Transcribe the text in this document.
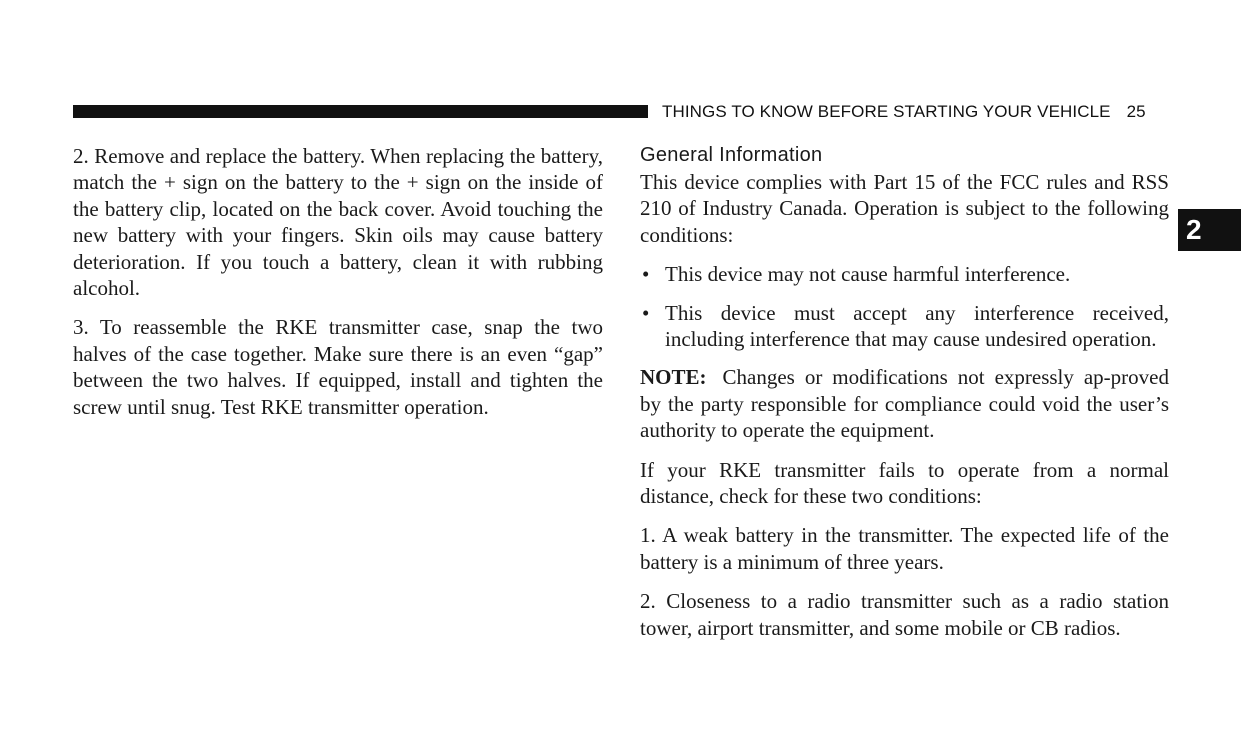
THINGS TO KNOW BEFORE STARTING YOUR VEHICLE 25
2

2. Remove and replace the battery. When replacing the battery, match the + sign on the battery to the + sign on the inside of the battery clip, located on the back cover. Avoid touching the new battery with your fingers. Skin oils may cause battery deterioration. If you touch a battery, clean it with rubbing alcohol.

3. To reassemble the RKE transmitter case, snap the two halves of the case together. Make sure there is an even “gap” between the two halves. If equipped, install and tighten the screw until snug. Test RKE transmitter operation.

General Information

This device complies with Part 15 of the FCC rules and RSS 210 of Industry Canada. Operation is subject to the following conditions:

• This device may not cause harmful interference.
• This device must accept any interference received, including interference that may cause undesired operation.

NOTE: Changes or modifications not expressly ap-proved by the party responsible for compliance could void the user’s authority to operate the equipment.

If your RKE transmitter fails to operate from a normal distance, check for these two conditions:

1. A weak battery in the transmitter. The expected life of the battery is a minimum of three years.

2. Closeness to a radio transmitter such as a radio station tower, airport transmitter, and some mobile or CB radios.
